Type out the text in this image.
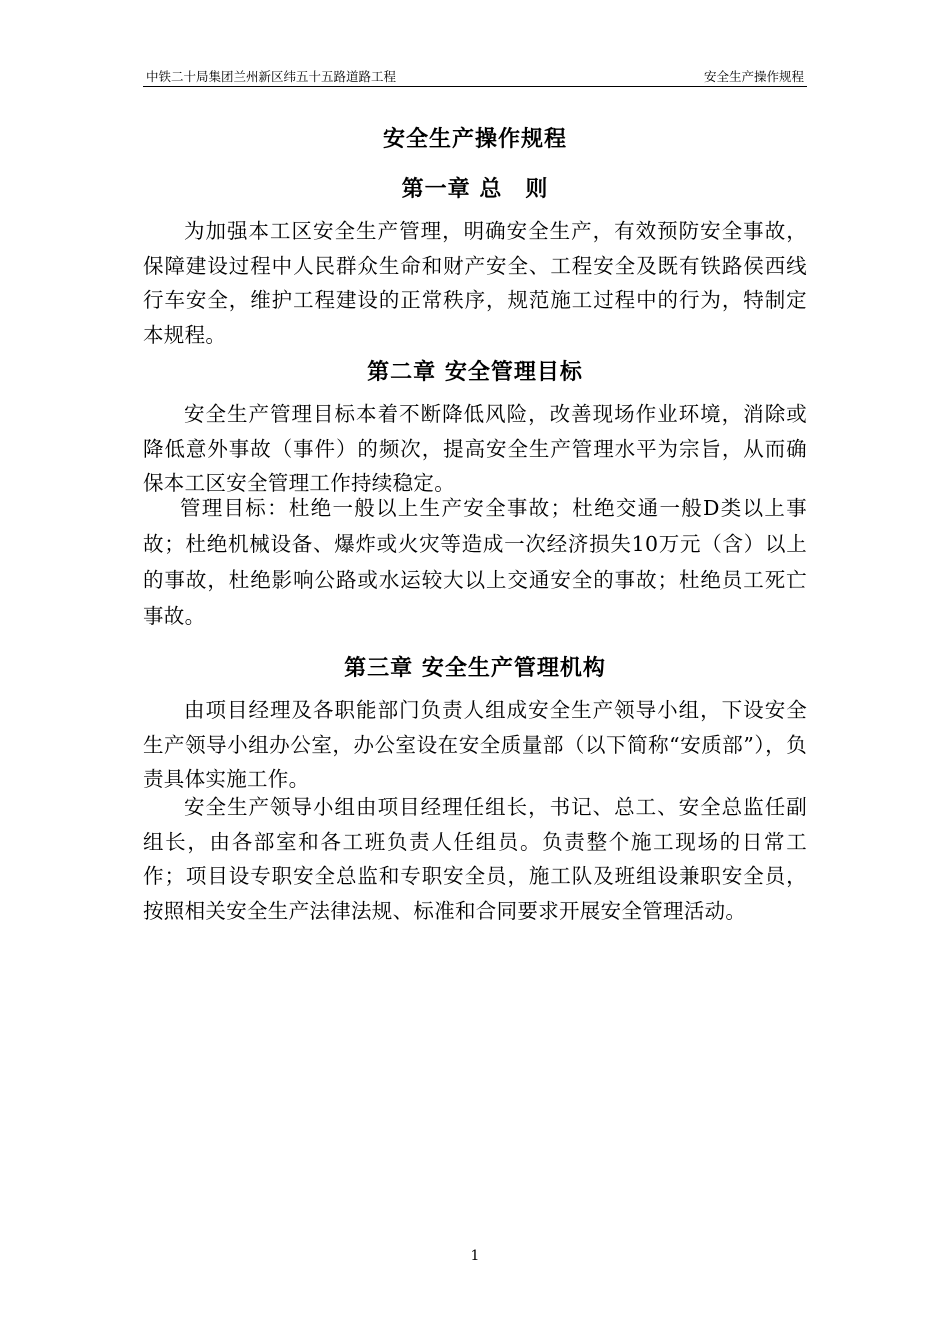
中铁二十局集团兰州新区纬五十五路道路工程	安全生产操作规程
安全生产操作规程
第一章 总　则
为加强本工区安全生产管理，明确安全生产，有效预防安全事故，保障建设过程中人民群众生命和财产安全、工程安全及既有铁路侯西线行车安全，维护工程建设的正常秩序，规范施工过程中的行为，特制定本规程。
第二章 安全管理目标
安全生产管理目标本着不断降低风险，改善现场作业环境，消除或降低意外事故（事件）的频次，提高安全生产管理水平为宗旨，从而确保本工区安全管理工作持续稳定。
管理目标：杜绝一般以上生产安全事故；杜绝交通一般D类以上事故；杜绝机械设备、爆炸或火灾等造成一次经济损失10万元（含）以上的事故，杜绝影响公路或水运较大以上交通安全的事故；杜绝员工死亡事故。
第三章 安全生产管理机构
由项目经理及各职能部门负责人组成安全生产领导小组，下设安全生产领导小组办公室，办公室设在安全质量部（以下简称“安质部”），负责具体实施工作。
安全生产领导小组由项目经理任组长，书记、总工、安全总监任副组长，由各部室和各工班负责人任组员。负责整个施工现场的日常工作；项目设专职安全总监和专职安全员，施工队及班组设兼职安全员，按照相关安全生产法律法规、标准和合同要求开展安全管理活动。
1
